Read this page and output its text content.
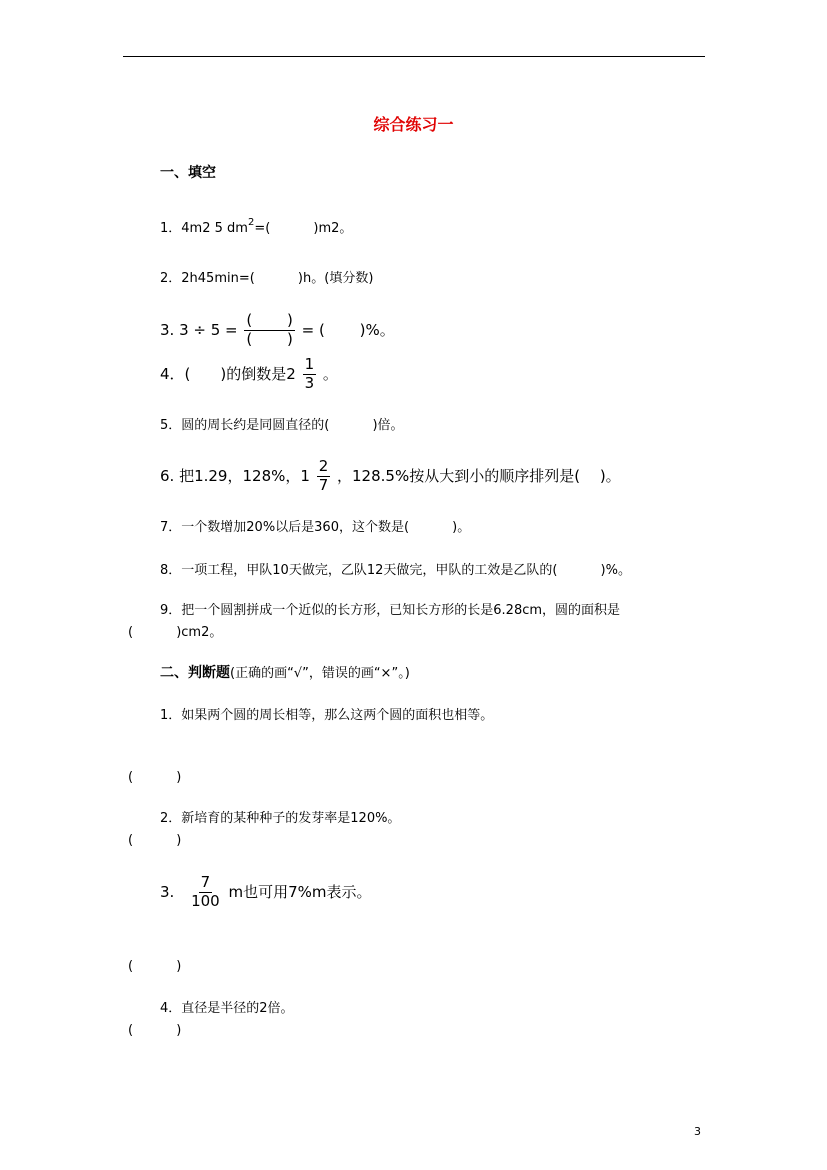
综合练习一
一、填空
1．4m2 5 $dm^2=$(　　　 )m2。
2．2h45min=(　　　 )h。(填分数)
3. $3 \div 5 = \frac{( )}{( )}$ = (　　 )%。
4．(　　)的倒数是$2 \frac{1}{3}$ 。
5．圆的周长约是同圆直径的(　　　 )倍。
6. 把1.29，128%，$1 \frac{2}{7}$ ，128.5%按从大到小的顺序排列是(　 )。
7．一个数增加20%以后是360，这个数是(　　　 )。
8．一项工程，甲队10天做完，乙队12天做完，甲队的工效是乙队的(　　　 )%。
9．把一个圆割拼成一个近似的长方形，已知长方形的长是6.28cm，圆的面积是
(　　　 )cm2。
二、判断题(正确的画“√”，错误的画“×”。)
1．如果两个圆的周长相等，那么这两个圆的面积也相等。
(　　　 )
2．新培育的某种种子的发芽率是120%。
(　　　 )
3. $\frac{7}{100}$ m也可用7%m表示。
(　　　 )
4．直径是半径的2倍。
(　　　 )
3
